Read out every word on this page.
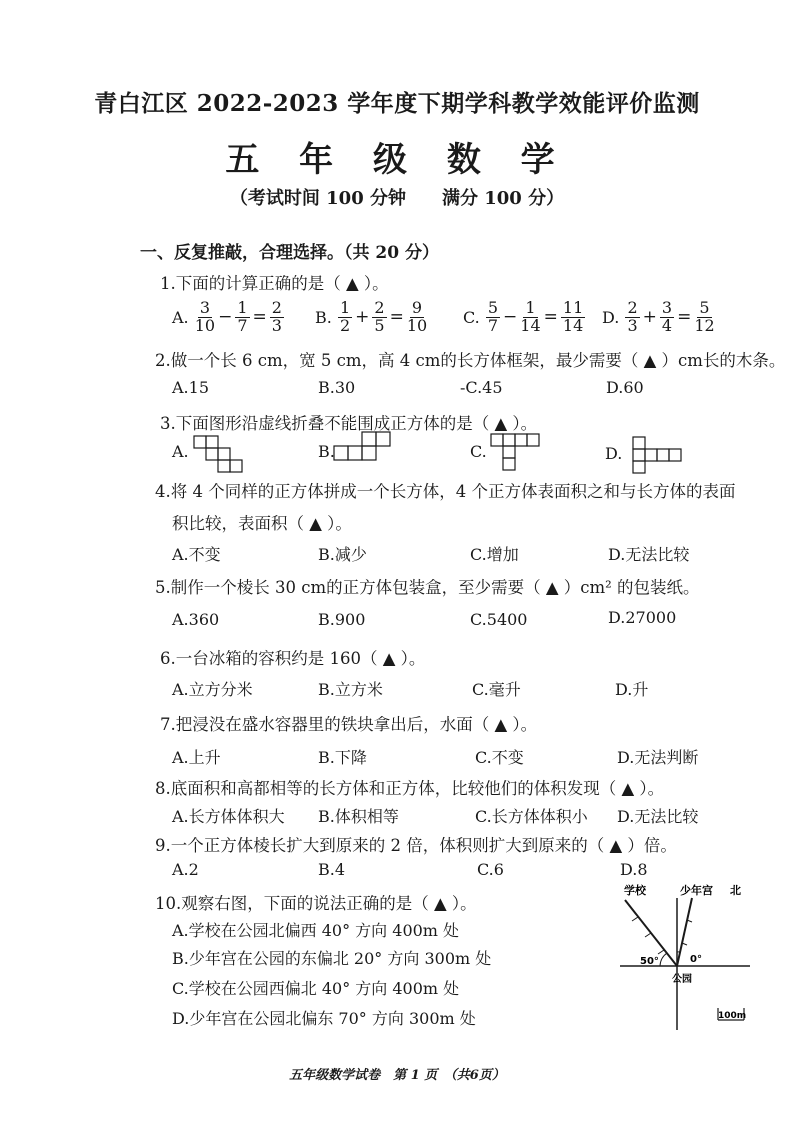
青白江区 2022-2023 学年度下期学科教学效能评价监测
五 年 级 数 学
（考试时间 100 分钟　　满分 100 分）
一、反复推敲，合理选择。（共 20 分）
1.下面的计算正确的是（ ▲ ）。
A. $\frac{3}{10} - \frac{1}{7} = \frac{2}{3} B$. $\frac{1}{2} + \frac{2}{5} = \frac{9}{10} C$. $\frac{5}{7} - \frac{1}{14} = \frac{11}{14} D$. $\frac{2}{3} + \frac{3}{4} = \frac{5}{12}$
2.做一个长 6 cm，宽 5 cm，高 4 cm的长方体框架，最少需要（ ▲ ）cm长的木条。
A.15	B.30	-C.45	D.60
3.下面图形沿虚线折叠不能围成正方体的是（ ▲ ）。
A.	B.	C.	D.
4.将 4 个同样的正方体拼成一个长方体，4 个正方体表面积之和与长方体的表面
积比较，表面积（ ▲ ）。
A.不变	B.减少	C.增加	D.无法比较
5.制作一个棱长 30 cm的正方体包装盒，至少需要（ ▲ ）cm² 的包装纸。
A.360	B.900	C.5400	D.27000
6.一台冰箱的容积约是 160（ ▲ ）。
A.立方分米	B.立方米	C.毫升	D.升
7.把浸没在盛水容器里的铁块拿出后，水面（ ▲ ）。
A.上升	B.下降	C.不变	D.无法判断
8.底面积和高都相等的长方体和正方体，比较他们的体积发现（ ▲ ）。
A.长方体体积大 B.体积相等	C.长方体体积小 D.无法比较
9.一个正方体棱长扩大到原来的 2 倍，体积则扩大到原来的（ ▲ ）倍。
A.2	B.4	C.6	D.8
10.观察右图，下面的说法正确的是（ ▲ ）。
A.学校在公园北偏西 40° 方向 400m 处
B.少年宫在公园的东偏北 20° 方向 300m 处
C.学校在公园西偏北 40° 方向 400m 处
D.少年宫在公园北偏东 70° 方向 300m 处
学校	少年宫 北
50°	0°
公园
100m
五年级数学试卷　第 1 页　（共6页）
